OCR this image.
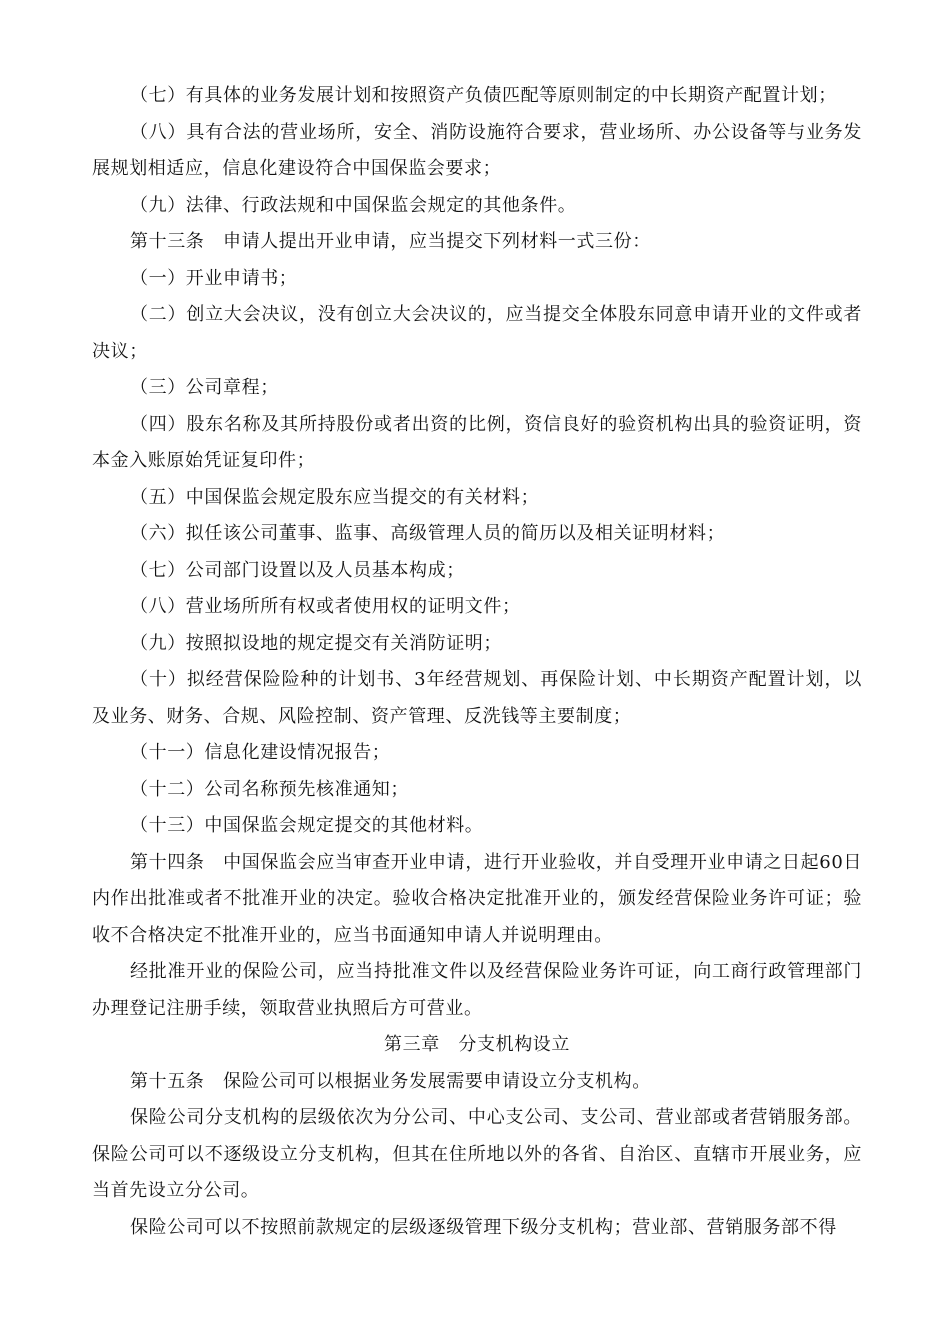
（七）有具体的业务发展计划和按照资产负债匹配等原则制定的中长期资产配置计划；

（八）具有合法的营业场所，安全、消防设施符合要求，营业场所、办公设备等与业务发展规划相适应，信息化建设符合中国保监会要求；

（九）法律、行政法规和中国保监会规定的其他条件。

第十三条　申请人提出开业申请，应当提交下列材料一式三份：

（一）开业申请书；

（二）创立大会决议，没有创立大会决议的，应当提交全体股东同意申请开业的文件或者决议；

（三）公司章程；

（四）股东名称及其所持股份或者出资的比例，资信良好的验资机构出具的验资证明，资本金入账原始凭证复印件；

（五）中国保监会规定股东应当提交的有关材料；

（六）拟任该公司董事、监事、高级管理人员的简历以及相关证明材料；

（七）公司部门设置以及人员基本构成；

（八）营业场所所有权或者使用权的证明文件；

（九）按照拟设地的规定提交有关消防证明；

（十）拟经营保险险种的计划书、3年经营规划、再保险计划、中长期资产配置计划，以及业务、财务、合规、风险控制、资产管理、反洗钱等主要制度；

（十一）信息化建设情况报告；

（十二）公司名称预先核准通知；

（十三）中国保监会规定提交的其他材料。

第十四条　中国保监会应当审查开业申请，进行开业验收，并自受理开业申请之日起60日内作出批准或者不批准开业的决定。验收合格决定批准开业的，颁发经营保险业务许可证；验收不合格决定不批准开业的，应当书面通知申请人并说明理由。

经批准开业的保险公司，应当持批准文件以及经营保险业务许可证，向工商行政管理部门办理登记注册手续，领取营业执照后方可营业。

第三章　分支机构设立

第十五条　保险公司可以根据业务发展需要申请设立分支机构。

保险公司分支机构的层级依次为分公司、中心支公司、支公司、营业部或者营销服务部。保险公司可以不逐级设立分支机构，但其在住所地以外的各省、自治区、直辖市开展业务，应当首先设立分公司。

保险公司可以不按照前款规定的层级逐级管理下级分支机构；营业部、营销服务部不得
